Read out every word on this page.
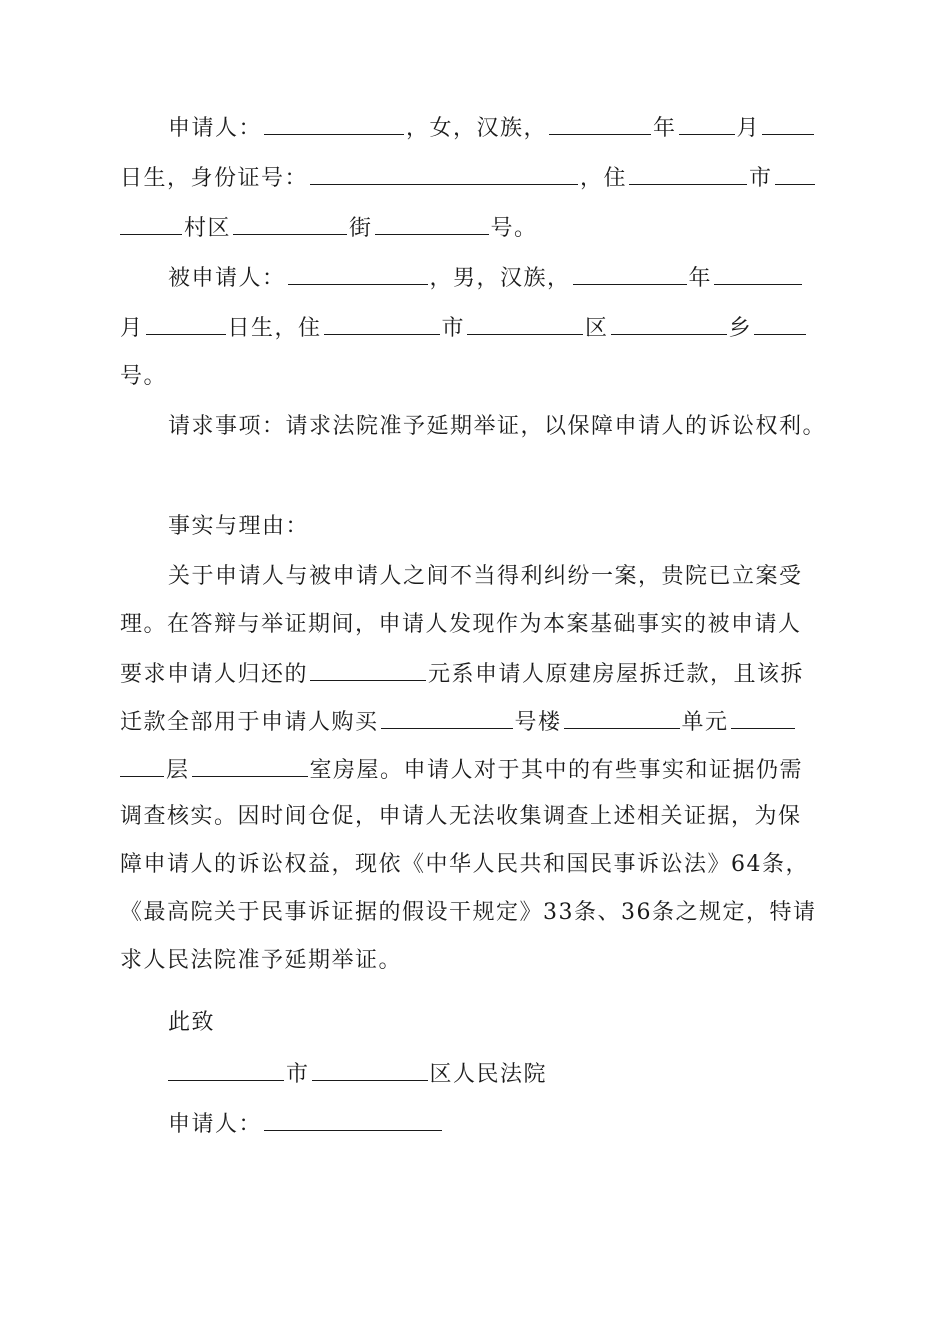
申请人：	，女，汉族，	年	月
日生，身份证号：	，住	市
村区	街	号。
被申请人：	，男，汉族，	年
月	日生，住	市	区	乡
号。
请求事项：请求法院准予延期举证，以保障申请人的诉讼权利。
事实与理由：
关于申请人与被申请人之间不当得利纠纷一案，贵院已立案受
理。在答辩与举证期间，申请人发现作为本案基础事实的被申请人
要求申请人归还的	元系申请人原建房屋拆迁款，且该拆
迁款全部用于申请人购买	号楼	单元
层	室房屋。申请人对于其中的有些事实和证据仍需
调查核实。因时间仓促，申请人无法收集调查上述相关证据，为保
障申请人的诉讼权益，现依《中华人民共和国民事诉讼法》64条，
《最高院关于民事诉证据的假设干规定》33条、36条之规定，特请
求人民法院准予延期举证。
此致
市	区人民法院
申请人：
